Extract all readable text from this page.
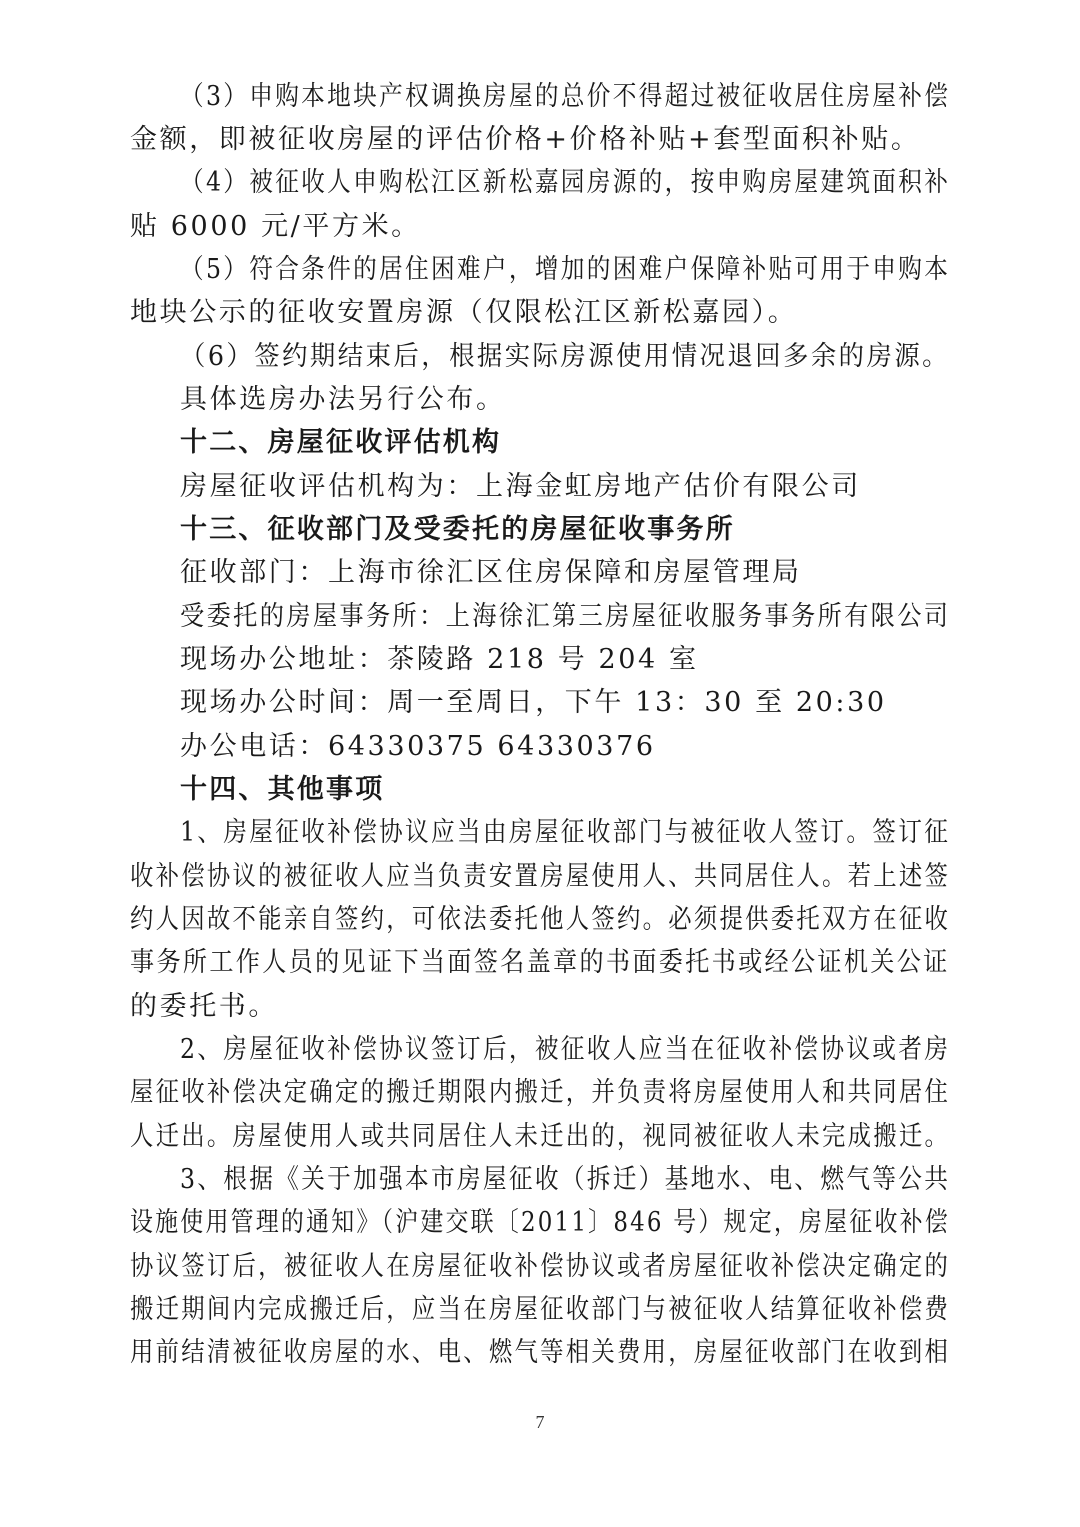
（3）申购本地块产权调换房屋的总价不得超过被征收居住房屋补偿
金额，即被征收房屋的评估价格+价格补贴+套型面积补贴。
（4）被征收人申购松江区新松嘉园房源的，按申购房屋建筑面积补
贴 6000 元/平方米。
（5）符合条件的居住困难户，增加的困难户保障补贴可用于申购本
地块公示的征收安置房源（仅限松江区新松嘉园）。
（6）签约期结束后，根据实际房源使用情况退回多余的房源。
具体选房办法另行公布。
十二、房屋征收评估机构
房屋征收评估机构为：上海金虹房地产估价有限公司
十三、征收部门及受委托的房屋征收事务所
征收部门：上海市徐汇区住房保障和房屋管理局
受委托的房屋事务所：上海徐汇第三房屋征收服务事务所有限公司
现场办公地址：茶陵路 218 号 204 室
现场办公时间：周一至周日，下午 13：30 至 20:30
办公电话：64330375 64330376
十四、其他事项
1、房屋征收补偿协议应当由房屋征收部门与被征收人签订。签订征
收补偿协议的被征收人应当负责安置房屋使用人、共同居住人。若上述签
约人因故不能亲自签约，可依法委托他人签约。必须提供委托双方在征收
事务所工作人员的见证下当面签名盖章的书面委托书或经公证机关公证
的委托书。
2、房屋征收补偿协议签订后，被征收人应当在征收补偿协议或者房
屋征收补偿决定确定的搬迁期限内搬迁，并负责将房屋使用人和共同居住
人迁出。房屋使用人或共同居住人未迁出的，视同被征收人未完成搬迁。
3、根据《关于加强本市房屋征收（拆迁）基地水、电、燃气等公共
设施使用管理的通知》（沪建交联〔2011〕846 号）规定，房屋征收补偿
协议签订后，被征收人在房屋征收补偿协议或者房屋征收补偿决定确定的
搬迁期间内完成搬迁后，应当在房屋征收部门与被征收人结算征收补偿费
用前结清被征收房屋的水、电、燃气等相关费用，房屋征收部门在收到相
7
